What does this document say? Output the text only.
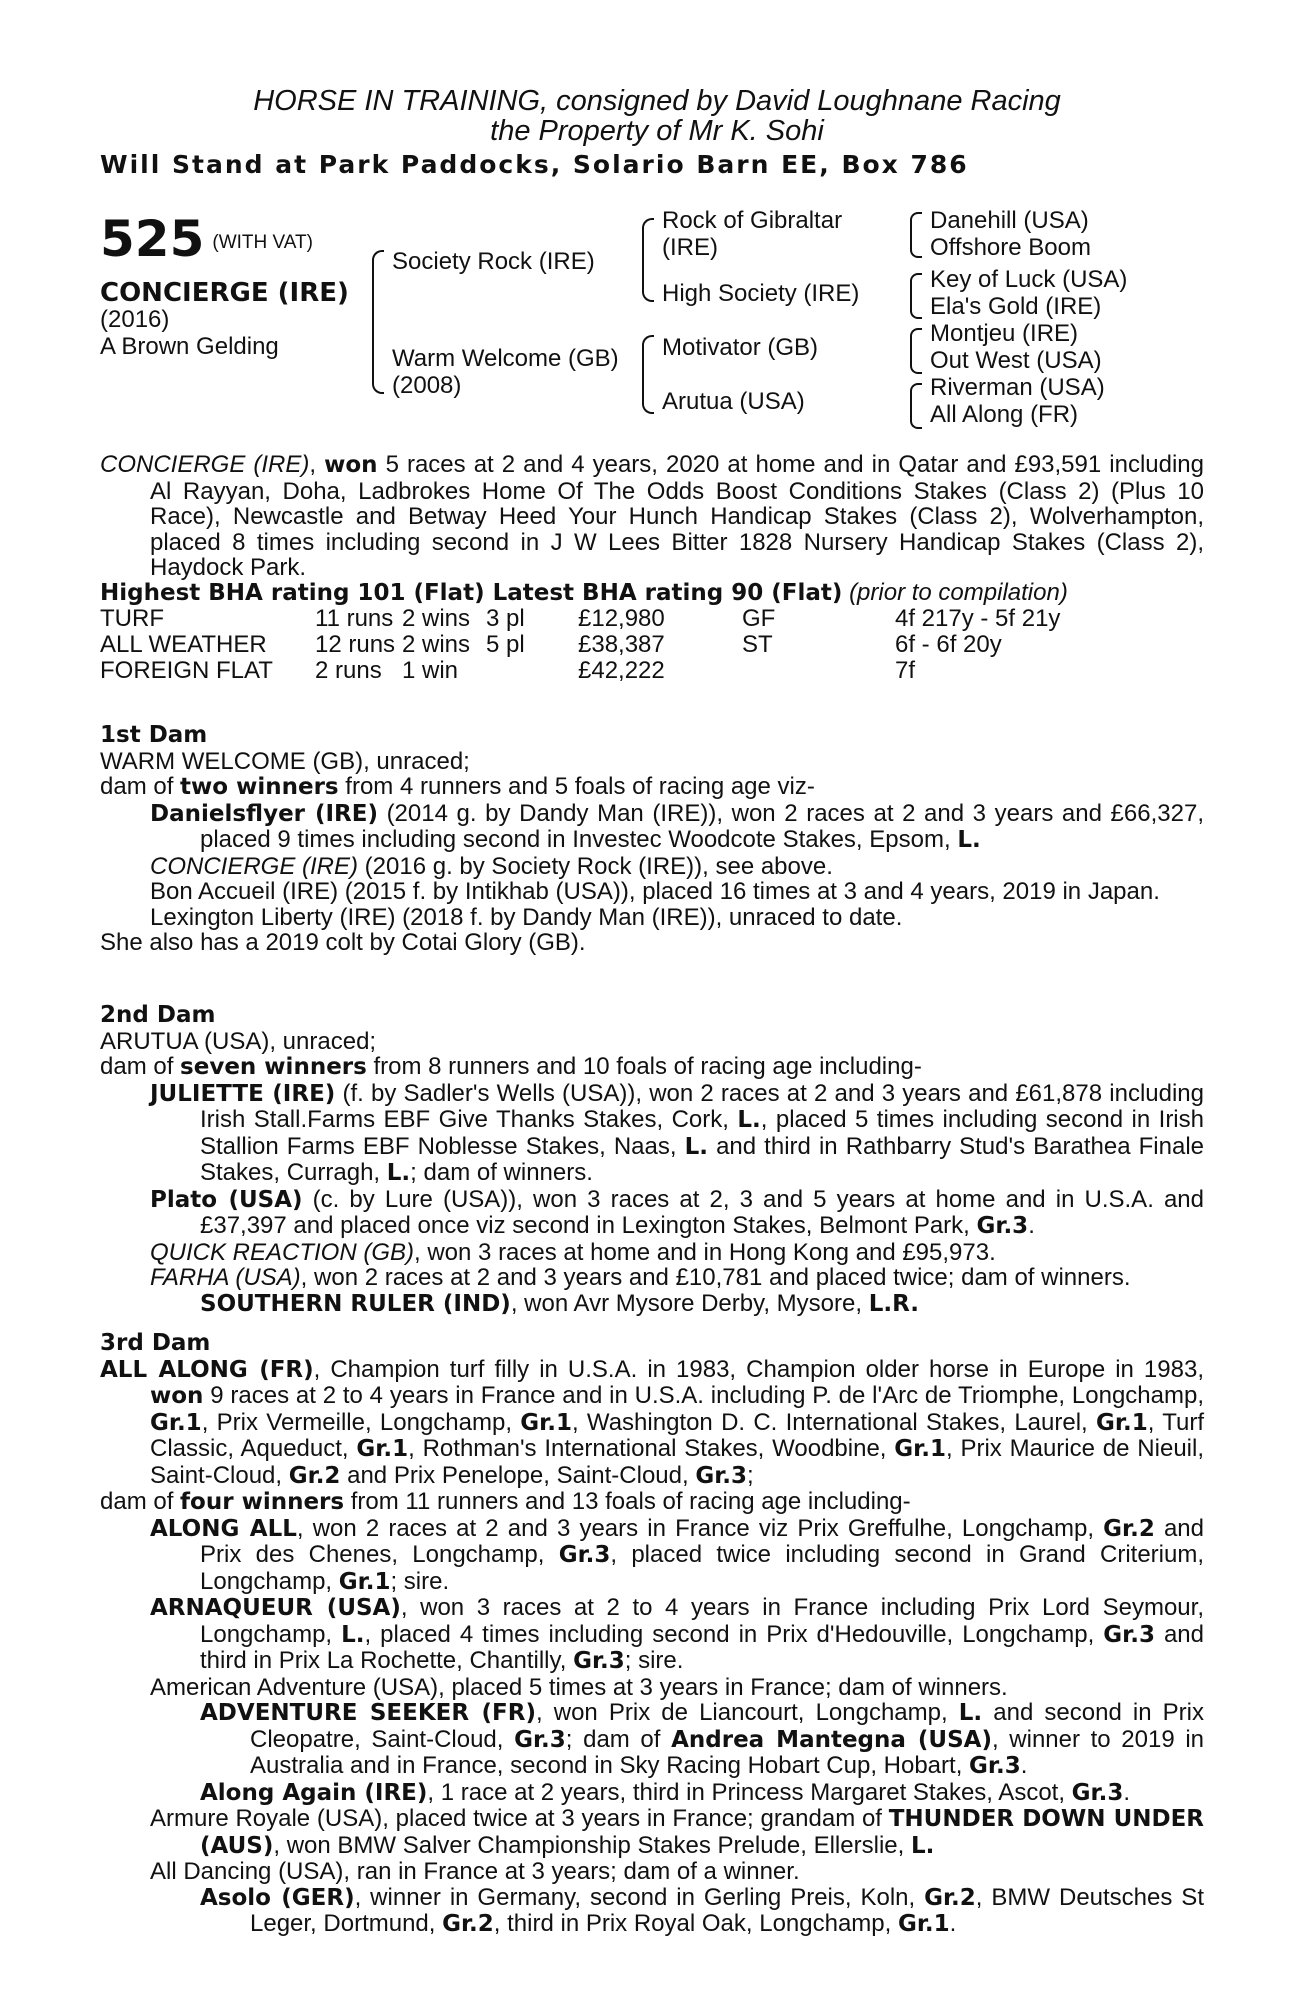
HORSE IN TRAINING, consigned by David Loughnane Racing
the Property of Mr K. Sohi
Will Stand at Park Paddocks, Solario Barn EE, Box 786
525 (WITH VAT)
CONCIERGE (IRE)
(2016)
A Brown Gelding
Society Rock (IRE)
Warm Welcome (GB)
(2008)
Rock of Gibraltar
(IRE)
High Society (IRE)
Motivator (GB)
Arutua (USA)
Danehill (USA)
Offshore Boom
Key of Luck (USA)
Ela's Gold (IRE)
Montjeu (IRE)
Out West (USA)
Riverman (USA)
All Along (FR)

CONCIERGE (IRE), won 5 races at 2 and 4 years, 2020 at home and in Qatar and £93,591 including Al Rayyan, Doha, Ladbrokes Home Of The Odds Boost Conditions Stakes (Class 2) (Plus 10 Race), Newcastle and Betway Heed Your Hunch Handicap Stakes (Class 2), Wolverhampton, placed 8 times including second in J W Lees Bitter 1828 Nursery Handicap Stakes (Class 2), Haydock Park.

Highest BHA rating 101 (Flat) Latest BHA rating 90 (Flat) (prior to compilation)

TURF	11 runs 2 wins 3 pl £12,980	GF	4f 217y - 5f 21y
ALL WEATHER 12 runs 2 wins 5 pl £38,387	ST	6f - 6f 20y
FOREIGN FLAT 2 runs 1 win	£42,222	7f

1st Dam

WARM WELCOME (GB), unraced;

dam of two winners from 4 runners and 5 foals of racing age viz-

Danielsflyer (IRE) (2014 g. by Dandy Man (IRE)), won 2 races at 2 and 3 years and £66,327, placed 9 times including second in Investec Woodcote Stakes, Epsom, L.

CONCIERGE (IRE) (2016 g. by Society Rock (IRE)), see above.

Bon Accueil (IRE) (2015 f. by Intikhab (USA)), placed 16 times at 3 and 4 years, 2019 in Japan.

Lexington Liberty (IRE) (2018 f. by Dandy Man (IRE)), unraced to date.

She also has a 2019 colt by Cotai Glory (GB).

2nd Dam

ARUTUA (USA), unraced;

dam of seven winners from 8 runners and 10 foals of racing age including-

JULIETTE (IRE) (f. by Sadler's Wells (USA)), won 2 races at 2 and 3 years and £61,878 including Irish Stall.Farms EBF Give Thanks Stakes, Cork, L., placed 5 times including second in Irish Stallion Farms EBF Noblesse Stakes, Naas, L. and third in Rathbarry Stud's Barathea Finale Stakes, Curragh, L.; dam of winners.

Plato (USA) (c. by Lure (USA)), won 3 races at 2, 3 and 5 years at home and in U.S.A. and £37,397 and placed once viz second in Lexington Stakes, Belmont Park, Gr.3.

QUICK REACTION (GB), won 3 races at home and in Hong Kong and £95,973.

FARHA (USA), won 2 races at 2 and 3 years and £10,781 and placed twice; dam of winners.

SOUTHERN RULER (IND), won Avr Mysore Derby, Mysore, L.R.

3rd Dam

ALL ALONG (FR), Champion turf filly in U.S.A. in 1983, Champion older horse in Europe in 1983, won 9 races at 2 to 4 years in France and in U.S.A. including P. de l'Arc de Triomphe, Longchamp, Gr.1, Prix Vermeille, Longchamp, Gr.1, Washington D. C. International Stakes, Laurel, Gr.1, Turf Classic, Aqueduct, Gr.1, Rothman's International Stakes, Woodbine, Gr.1, Prix Maurice de Nieuil, Saint-Cloud, Gr.2 and Prix Penelope, Saint-Cloud, Gr.3;

dam of four winners from 11 runners and 13 foals of racing age including-

ALONG ALL, won 2 races at 2 and 3 years in France viz Prix Greffulhe, Longchamp, Gr.2 and Prix des Chenes, Longchamp, Gr.3, placed twice including second in Grand Criterium, Longchamp, Gr.1; sire.

ARNAQUEUR (USA), won 3 races at 2 to 4 years in France including Prix Lord Seymour, Longchamp, L., placed 4 times including second in Prix d'Hedouville, Longchamp, Gr.3 and third in Prix La Rochette, Chantilly, Gr.3; sire.

American Adventure (USA), placed 5 times at 3 years in France; dam of winners.

ADVENTURE SEEKER (FR), won Prix de Liancourt, Longchamp, L. and second in Prix Cleopatre, Saint-Cloud, Gr.3; dam of Andrea Mantegna (USA), winner to 2019 in Australia and in France, second in Sky Racing Hobart Cup, Hobart, Gr.3.

Along Again (IRE), 1 race at 2 years, third in Princess Margaret Stakes, Ascot, Gr.3.

Armure Royale (USA), placed twice at 3 years in France; grandam of THUNDER DOWN UNDER (AUS), won BMW Salver Championship Stakes Prelude, Ellerslie, L.

All Dancing (USA), ran in France at 3 years; dam of a winner.

Asolo (GER), winner in Germany, second in Gerling Preis, Koln, Gr.2, BMW Deutsches St Leger, Dortmund, Gr.2, third in Prix Royal Oak, Longchamp, Gr.1.
